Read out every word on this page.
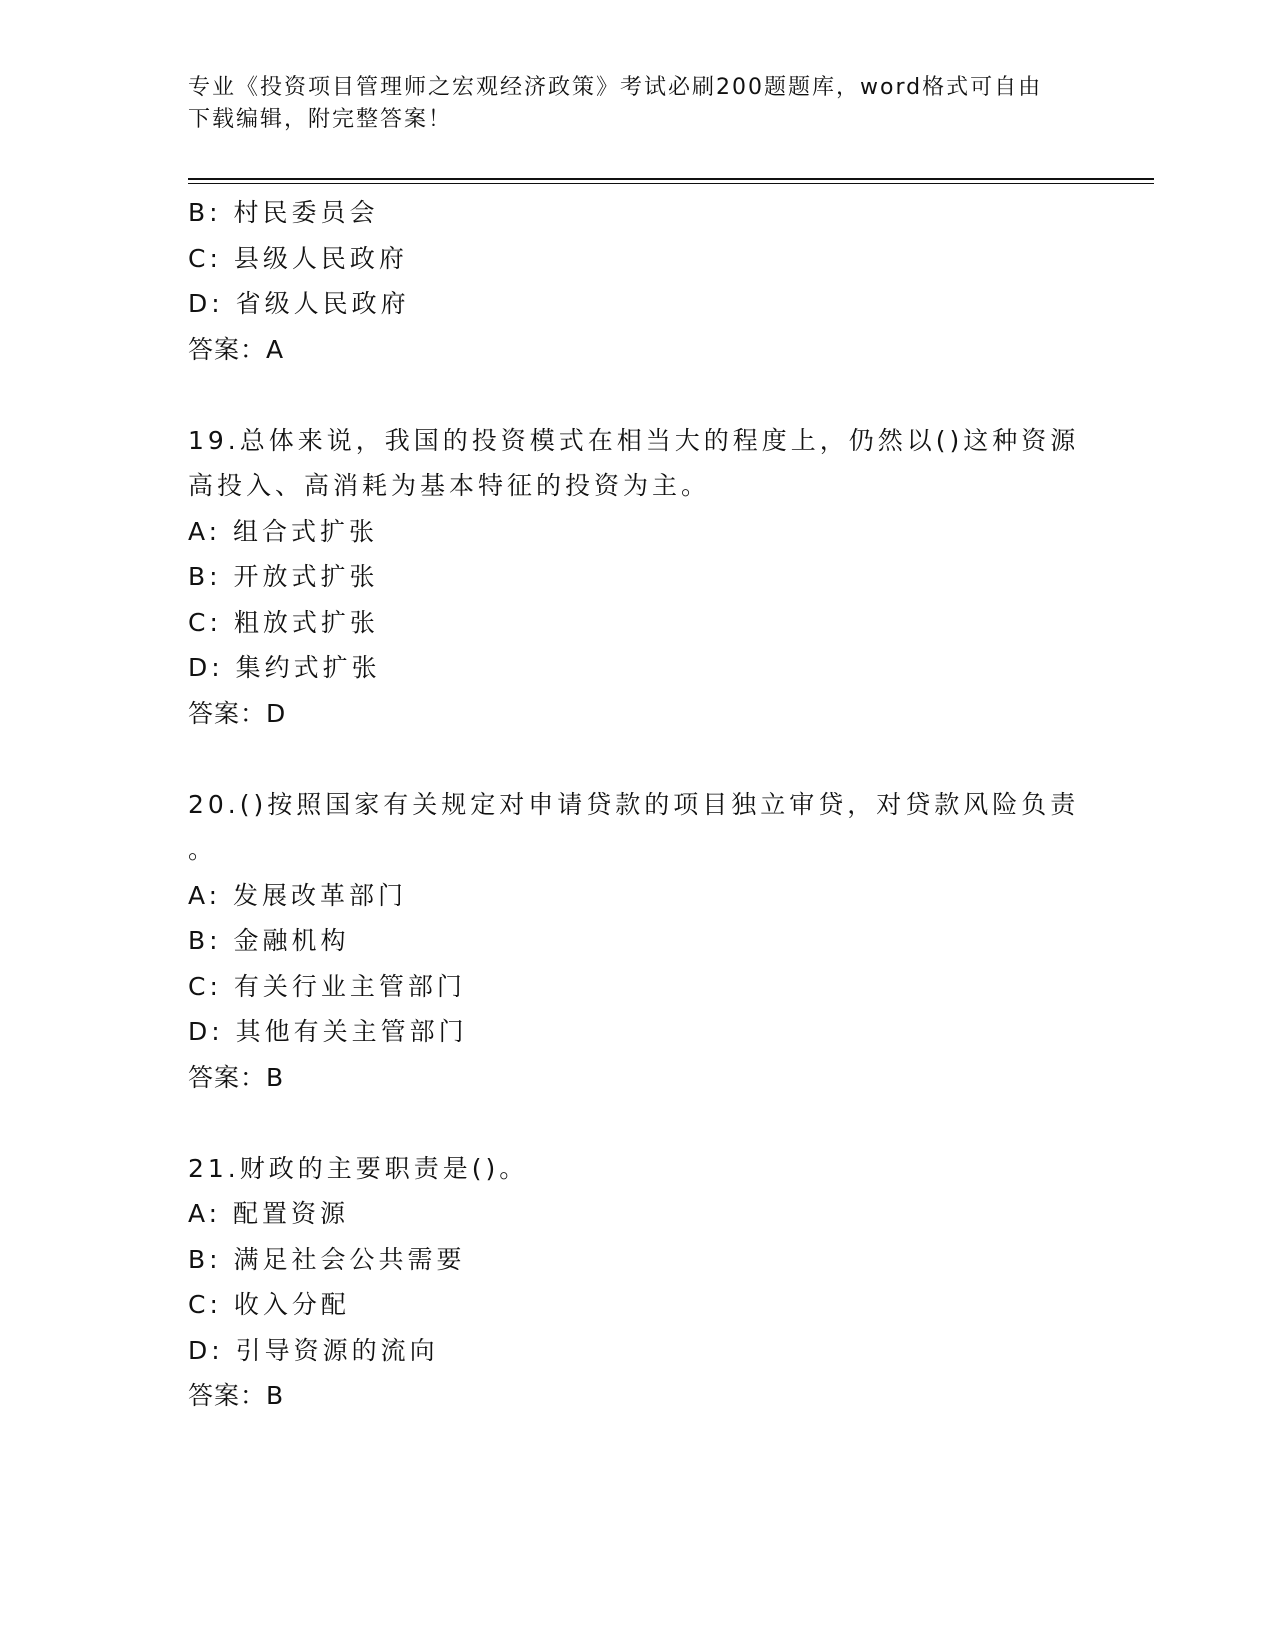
专业《投资项目管理师之宏观经济政策》考试必刷200题题库，word格式可自由
下载编辑，附完整答案！
B: 村民委员会
C: 县级人民政府
D: 省级人民政府
答案：A
19.总体来说，我国的投资模式在相当大的程度上，仍然以()这种资源
高投入、高消耗为基本特征的投资为主。
A: 组合式扩张
B: 开放式扩张
C: 粗放式扩张
D: 集约式扩张
答案：D
20.()按照国家有关规定对申请贷款的项目独立审贷，对贷款风险负责
。
A: 发展改革部门
B: 金融机构
C: 有关行业主管部门
D: 其他有关主管部门
答案：B
21.财政的主要职责是()。
A: 配置资源
B: 满足社会公共需要
C: 收入分配
D: 引导资源的流向
答案：B
